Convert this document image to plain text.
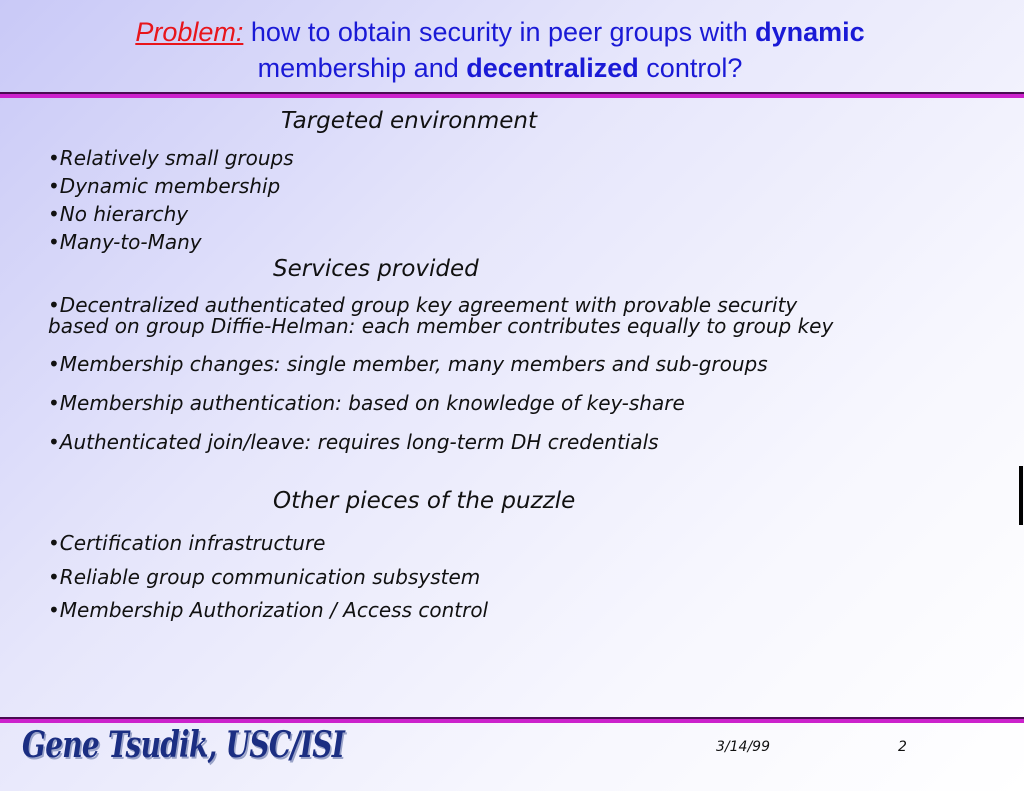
Problem: how to obtain security in peer groups with dynamic
membership and decentralized control?
Targeted environment
• Relatively small groups
• Dynamic membership
• No hierarchy
• Many-to-Many
Services provided
• Decentralized authenticated group key agreement with provable security
based on group Diffie-Helman: each member contributes equally to group key
• Membership changes: single member, many members and sub-groups
• Membership authentication: based on knowledge of key-share
• Authenticated join/leave: requires long-term DH credentials
Other pieces of the puzzle
• Certification infrastructure
• Reliable group communication subsystem
• Membership Authorization / Access control
Gene Tsudik, USC/ISI	3/14/99	2
